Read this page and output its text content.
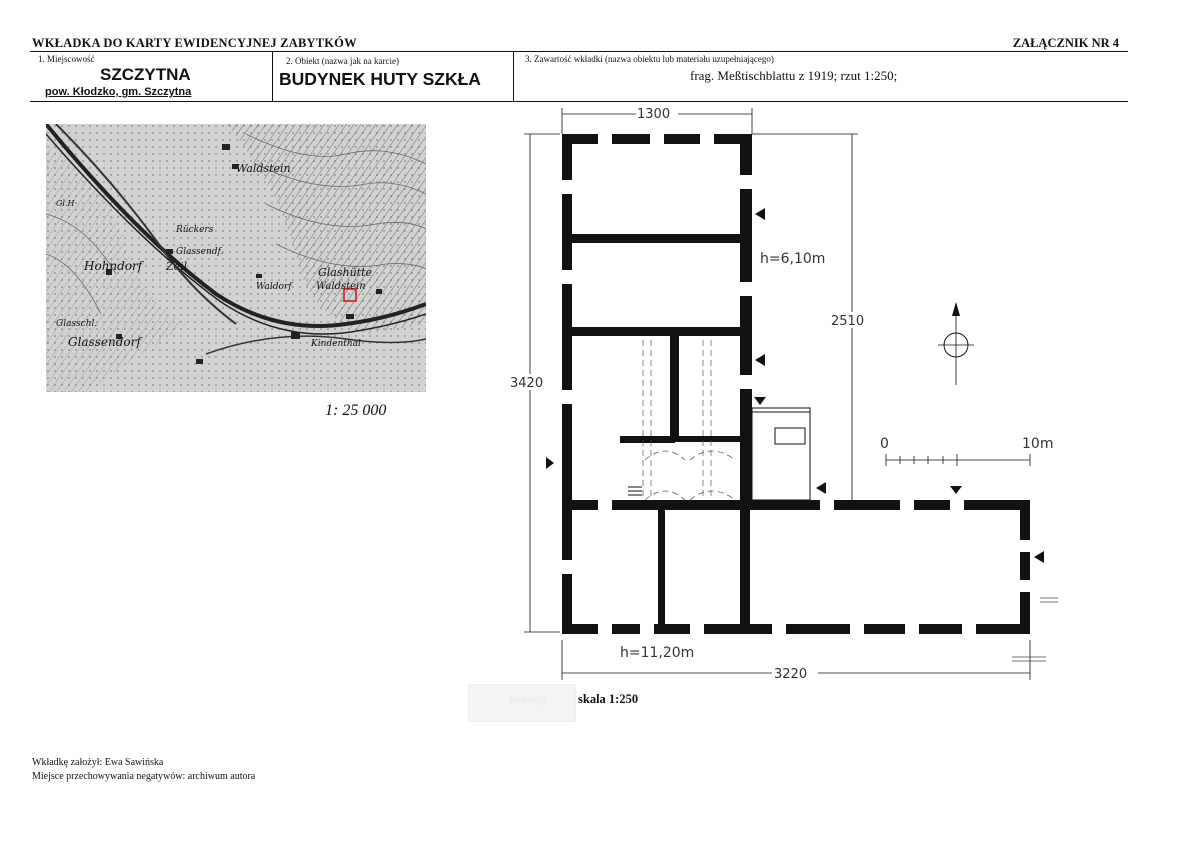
WKŁADKA DO KARTY EWIDENCYJNEJ ZABYTKÓW	ZAŁĄCZNIK NR 4
1. Miejscowość
SZCZYTNA
pow. Kłodzko, gm. Szczytna
2. Obiekt (nazwa jak na karcie)
BUDYNEK HUTY SZKŁA
3. Zawartość wkładki (nazwa obiektu lub materiału uzupełniającego)
frag. Meßtischblattu z 1919; rzut 1:250;
Waldstein
Glashütte
Waldstein
Glassendorf
Glasschl.
Waldorf
Rückers
Glassendf.
Hohndorf Zeil
Kindenthal
Gl.H
1: 25 000
1300
3420
2510
3220
h=6,10m
h=11,20m
0	10m
Redakcja	skala 1:250
Wkładkę założył: Ewa Sawińska
Miejsce przechowywania negatywów: archiwum autora
